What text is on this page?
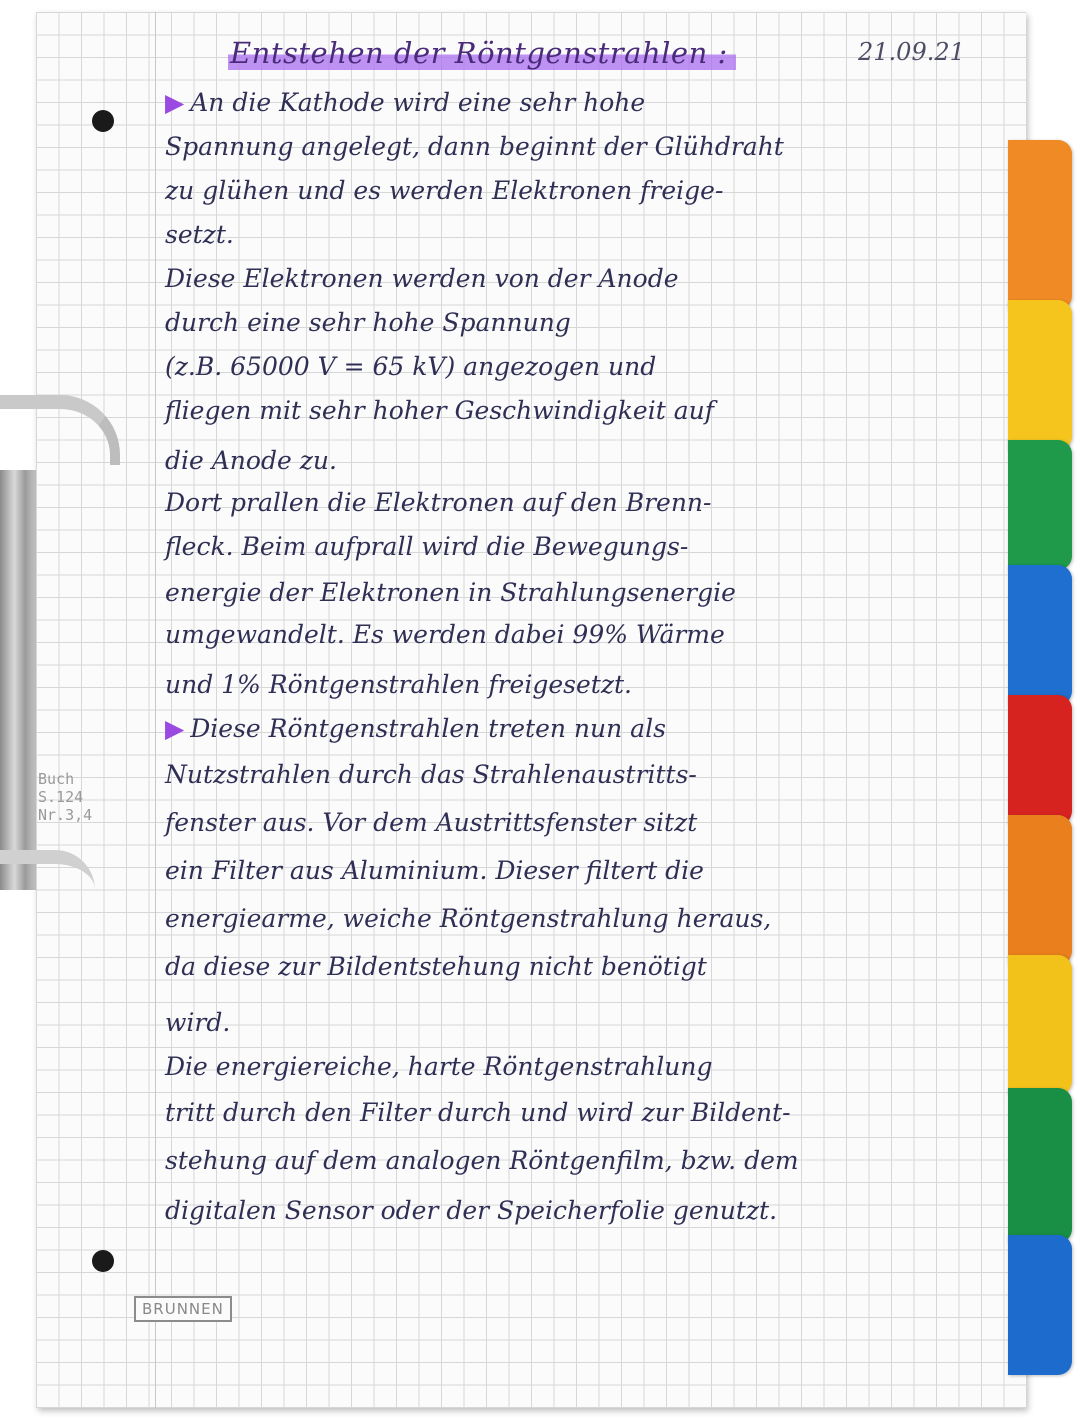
Entstehen der Röntgenstrahlen :	21.09.21
▶ An die Kathode wird eine sehr hohe
Spannung angelegt, dann beginnt der Glühdraht
zu glühen und es werden Elektronen freige-
setzt.
Diese Elektronen werden von der Anode
durch eine sehr hohe Spannung
(z.B. 65000 V = 65 kV) angezogen und
fliegen mit sehr hoher Geschwindigkeit auf
die Anode zu.
Dort prallen die Elektronen auf den Brenn-
fleck. Beim aufprall wird die Bewegungs-
energie der Elektronen in Strahlungsenergie
umgewandelt. Es werden dabei 99% Wärme
und 1% Röntgenstrahlen freigesetzt.
▶ Diese Röntgenstrahlen treten nun als
Nutzstrahlen durch das Strahlenaustritts-
fenster aus. Vor dem Austrittsfenster sitzt
ein Filter aus Aluminium. Dieser filtert die
energiearme, weiche Röntgenstrahlung heraus,
da diese zur Bildentstehung nicht benötigt
wird.
Die energiereiche, harte Röntgenstrahlung
tritt durch den Filter durch und wird zur Bildent-
stehung auf dem analogen Röntgenfilm, bzw. dem
digitalen Sensor oder der Speicherfolie genutzt.
Buch
S.124
Nr.3,4
BRUNNEN
